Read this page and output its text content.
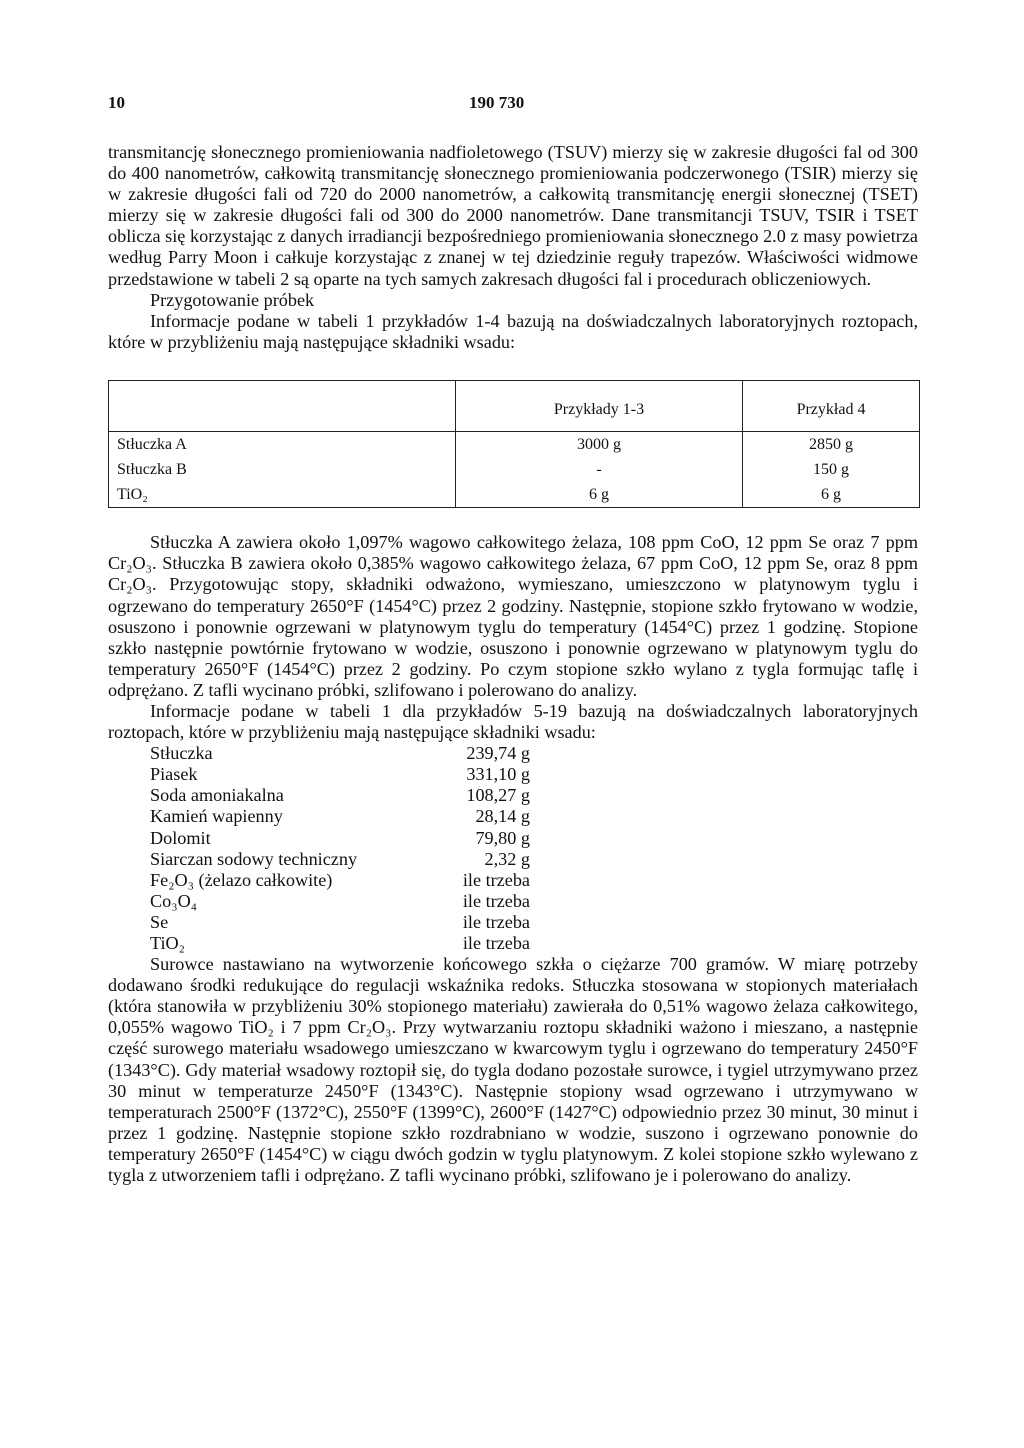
10	190 730

transmitancję słonecznego promieniowania nadfioletowego (TSUV) mierzy się w zakresie długości fal od 300 do 400 nanometrów, całkowitą transmitancję słonecznego promieniowania podczerwonego (TSIR) mierzy się w zakresie długości fali od 720 do 2000 nanometrów, a całkowitą transmitancję energii słonecznej (TSET) mierzy się w zakresie długości fali od 300 do 2000 nanometrów. Dane transmitancji TSUV, TSIR i TSET oblicza się korzystając z danych irradiancji bezpośredniego promieniowania słonecznego 2.0 z masy powietrza według Parry Moon i całkuje korzystając z znanej w tej dziedzinie reguły trapezów. Właściwości widmowe przedstawione w tabeli 2 są oparte na tych samych zakresach długości fal i procedurach obliczeniowych.

Przygotowanie próbek

Informacje podane w tabeli 1 przykładów 1-4 bazują na doświadczalnych laboratoryjnych roztopach, które w przybliżeniu mają następujące składniki wsadu:

	Przykłady 1-3	Przykład 4
Stłuczka A	3000 g	2850 g
Stłuczka B	-	150 g
TiO₂	6 g	6 g

Stłuczka A zawiera około 1,097% wagowo całkowitego żelaza, 108 ppm CoO, 12 ppm Se oraz 7 ppm Cr₂O₃. Stłuczka B zawiera około 0,385% wagowo całkowitego żelaza, 67 ppm CoO, 12 ppm Se, oraz 8 ppm Cr₂O₃. Przygotowując stopy, składniki odważono, wymieszano, umieszczono w platynowym tyglu i ogrzewano do temperatury 2650°F (1454°C) przez 2 godziny. Następnie, stopione szkło frytowano w wodzie, osuszono i ponownie ogrzewani w platynowym tyglu do temperatury (1454°C) przez 1 godzinę. Stopione szkło następnie powtórnie frytowano w wodzie, osuszono i ponownie ogrzewano w platynowym tyglu do temperatury 2650°F (1454°C) przez 2 godziny. Po czym stopione szkło wylano z tygla formując taflę i odprężano. Z tafli wycinano próbki, szlifowano i polerowano do analizy.

Informacje podane w tabeli 1 dla przykładów 5-19 bazują na doświadczalnych laboratoryjnych roztopach, które w przybliżeniu mają następujące składniki wsadu:

Stłuczka	239,74 g
Piasek	331,10 g
Soda amoniakalna	108,27 g
Kamień wapienny	28,14 g
Dolomit	79,80 g
Siarczan sodowy techniczny	2,32 g
Fe₂O₃ (żelazo całkowite)	ile trzeba
Co₃O₄	ile trzeba
Se	ile trzeba
TiO₂	ile trzeba

Surowce nastawiano na wytworzenie końcowego szkła o ciężarze 700 gramów. W miarę potrzeby dodawano środki redukujące do regulacji wskaźnika redoks. Stłuczka stosowana w stopionych materiałach (która stanowiła w przybliżeniu 30% stopionego materiału) zawierała do 0,51% wagowo żelaza całkowitego, 0,055% wagowo TiO₂ i 7 ppm Cr₂O₃. Przy wytwarzaniu roztopu składniki ważono i mieszano, a następnie część surowego materiału wsadowego umieszczano w kwarcowym tyglu i ogrzewano do temperatury 2450°F (1343°C). Gdy materiał wsadowy roztopił się, do tygla dodano pozostałe surowce, i tygiel utrzymywano przez 30 minut w temperaturze 2450°F (1343°C). Następnie stopiony wsad ogrzewano i utrzymywano w temperaturach 2500°F (1372°C), 2550°F (1399°C), 2600°F (1427°C) odpowiednio przez 30 minut, 30 minut i przez 1 godzinę. Następnie stopione szkło rozdrabniano w wodzie, suszono i ogrzewano ponownie do temperatury 2650°F (1454°C) w ciągu dwóch godzin w tyglu platynowym. Z kolei stopione szkło wylewano z tygla z utworzeniem tafli i odprężano. Z tafli wycinano próbki, szlifowano je i polerowano do analizy.
